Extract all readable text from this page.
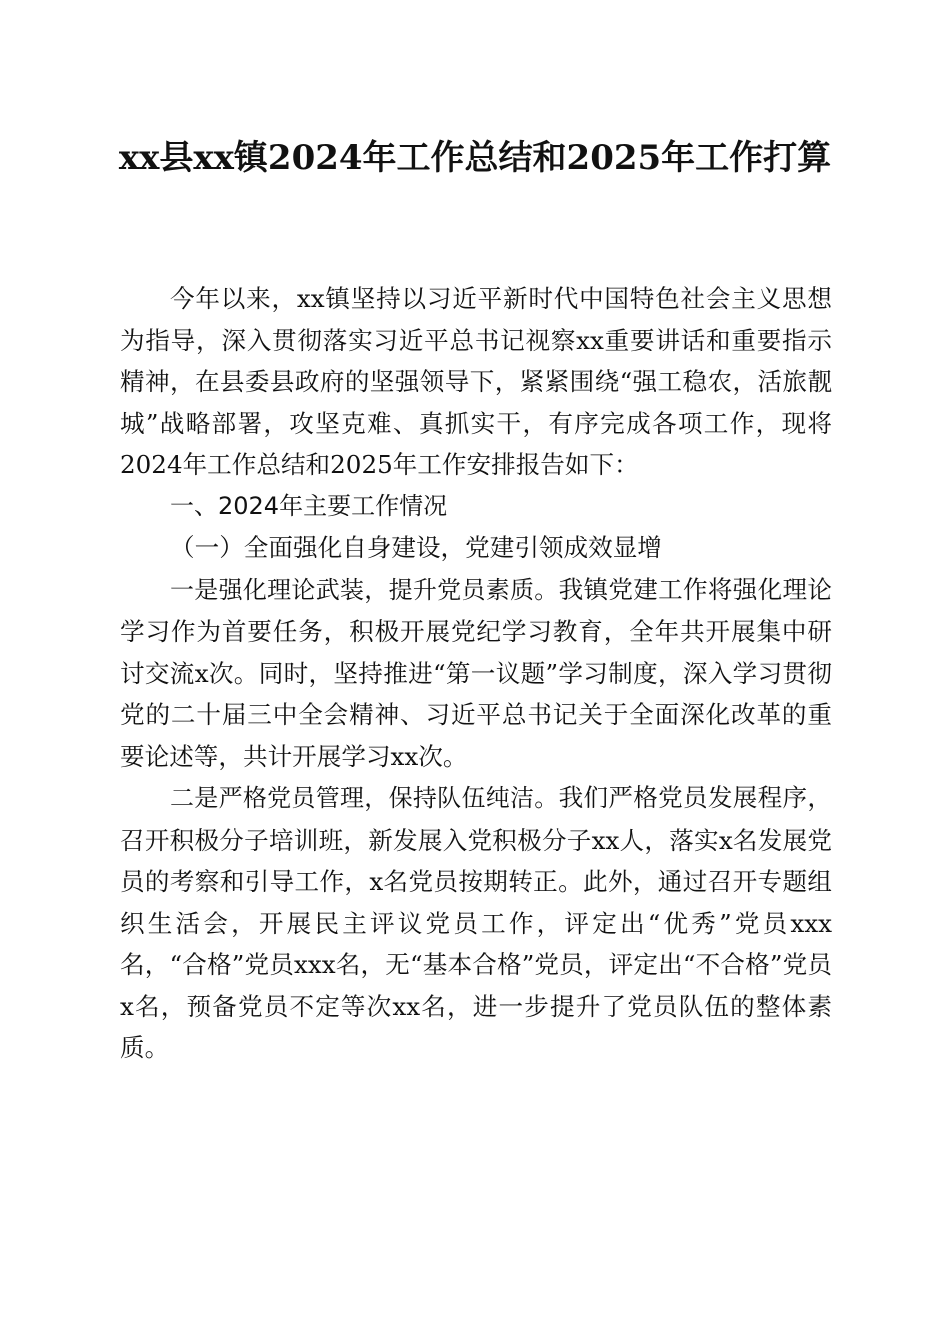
xx县xx镇2024年工作总结和2025年工作打算

今年以来，xx镇坚持以习近平新时代中国特色社会主义思想为指导，深入贯彻落实习近平总书记视察xx重要讲话和重要指示精神，在县委县政府的坚强领导下，紧紧围绕“强工稳农，活旅靓城”战略部署，攻坚克难、真抓实干，有序完成各项工作，现将2024年工作总结和2025年工作安排报告如下：

一、2024年主要工作情况

（一）全面强化自身建设，党建引领成效显增

一是强化理论武装，提升党员素质。我镇党建工作将强化理论学习作为首要任务，积极开展党纪学习教育，全年共开展集中研讨交流x次。同时，坚持推进“第一议题”学习制度，深入学习贯彻党的二十届三中全会精神、习近平总书记关于全面深化改革的重要论述等，共计开展学习xx次。

二是严格党员管理，保持队伍纯洁。我们严格党员发展程序，召开积极分子培训班，新发展入党积极分子xx人，落实x名发展党员的考察和引导工作，x名党员按期转正。此外，通过召开专题组织生活会，开展民主评议党员工作，评定出“优秀”党员xxx名，“合格”党员xxx名，无“基本合格”党员，评定出“不合格”党员x名，预备党员不定等次xx名，进一步提升了党员队伍的整体素质。
